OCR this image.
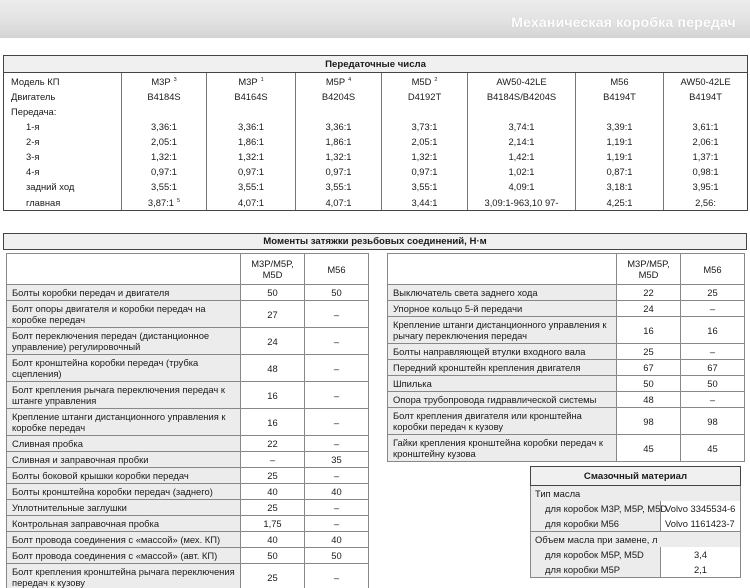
Механическая коробка передач
Передаточные числа							
Модель КП	M3P $^3$	M3P $^1$	M5P $^4$	M5D $^2$	AW50-42LE	M56	AW50-42LE
Двигатель	B4184S	B4164S	B4204S	D4192T	B4184S/B4204S	B4194T	B4194T
Передача:							
1-я	3,36:1	3,36:1	3,36:1	3,73:1	3,74:1	3,39:1	3,61:1
2-я	2,05:1	1,86:1	1,86:1	2,05:1	2,14:1	1,19:1	2,06:1
3-я	1,32:1	1,32:1	1,32:1	1,32:1	1,42:1	1,19:1	1,37:1
4-я	0,97:1	0,97:1	0,97:1	0,97:1	1,02:1	0,87:1	0,98:1
задний ход	3,55:1	3,55:1	3,55:1	3,55:1	4,09:1	3,18:1	3,95:1
главная	3,87:1 $^5$	4,07:1	4,07:1	3,44:1	3,09:1-963,10 97-	4,25:1	2,56:
Моменты затяжки резьбовых соединений, Н·м
	M3P/M5P, M5D	M56
Болты коробки передач и двигателя	50	50
Болт опоры двигателя и коробки передач на коробке передач	27	–
Болт переключения передач (дистанционное управление) регулировочный	24	–
Болт кронштейна коробки передач (трубка сцепления)	48	–
Болт крепления рычага переключения передач к штанге управления	16	–
Крепление штанги дистанционного управления к коробке передач	16	–
Сливная пробка	22	–
Сливная и заправочная пробки	–	35
Болты боковой крышки коробки передач	25	–
Болты кронштейна коробки передач (заднего)	40	40
Уплотнительные заглушки	25	–
Контрольная заправочная пробка	1,75	–
Болт провода соединения с «массой» (мех. КП)	40	40
Болт провода соединения с «массой» (авт. КП)	50	50
Болт крепления кронштейна рычага переключения передач к кузову	25	–
	M3P/M5P, M5D	M56
Выключатель света заднего хода	22	25
Упорное кольцо 5-й передачи	24	–
Крепление штанги дистанционного управления к рычагу переключения передач	16	16
Болты направляющей втулки входного вала	25	–
Передний кронштейн крепления двигателя	67	67
Шпилька	50	50
Опора трубопровода гидравлической системы	48	–
Болт крепления двигателя или кронштейна коробки передач к кузову	98	98
Гайки крепления кронштейна коробки передач к кронштейну кузова	45	45
Смазочный материал	
Тип масла	
для коробок M3P, M5P, M5D	Volvo 3345534-6
для коробки M56	Volvo 1161423-7
Объем масла при замене, л	
для коробок M5P, M5D	3,4
для коробки M5P	2,1
